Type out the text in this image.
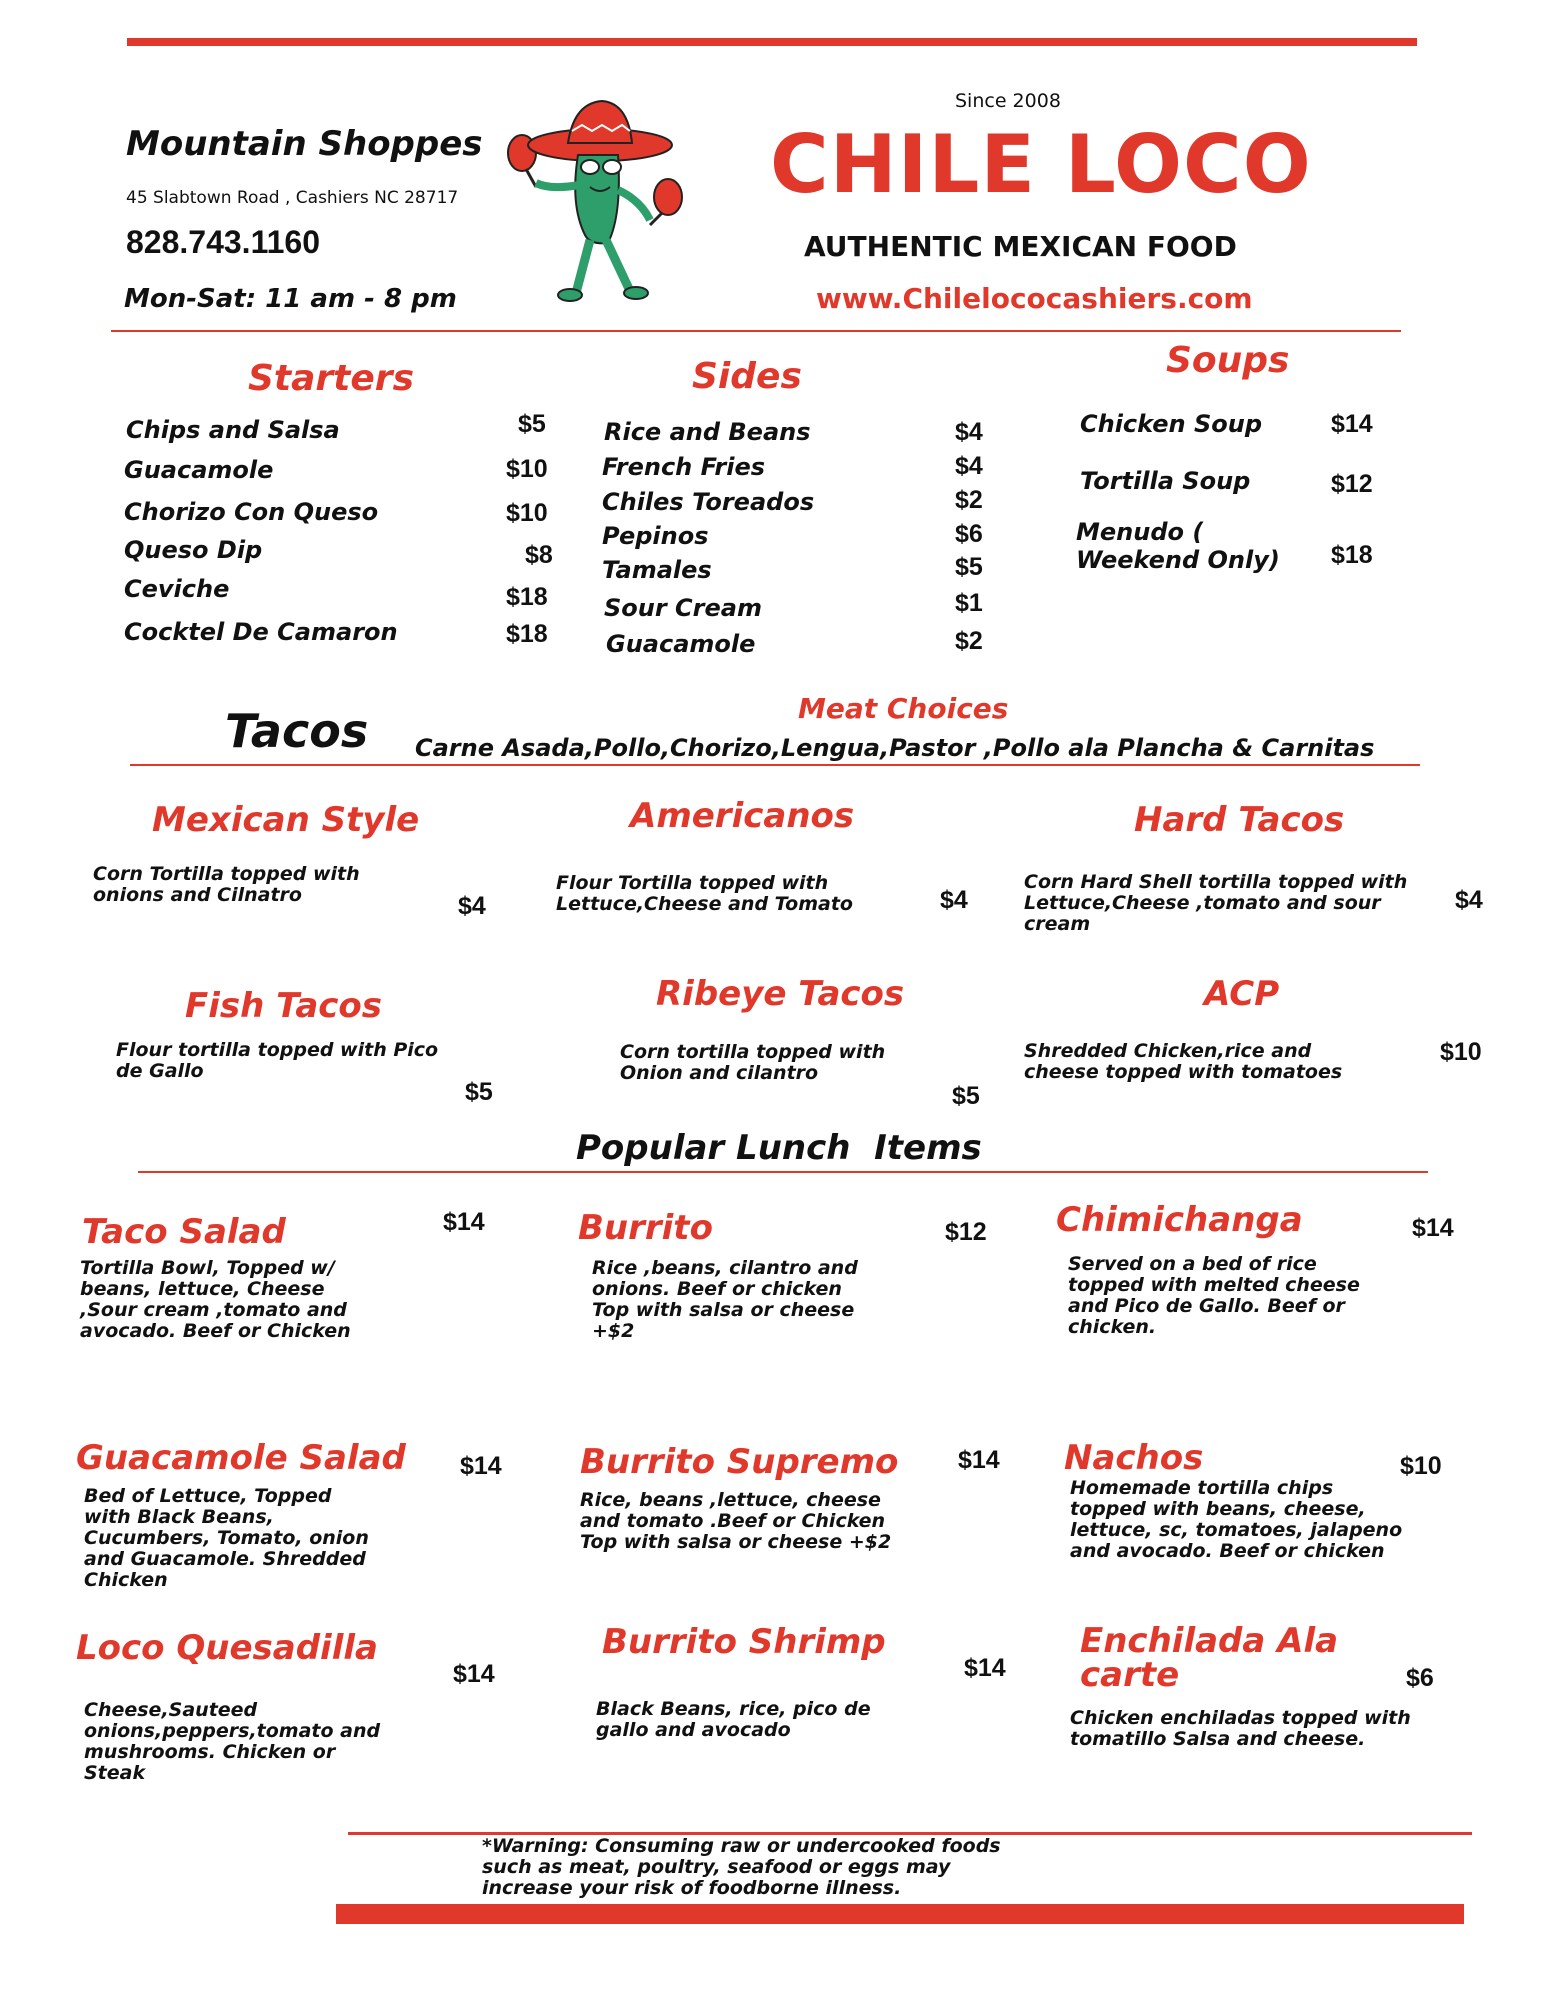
Mountain Shoppes
45 Slabtown Road , Cashiers NC 28717
828.743.1160
Mon-Sat: 11 am - 8 pm
Since 2008
CHILE LOCO
AUTHENTIC MEXICAN FOOD
www.Chilelococashiers.com
Starters
Chips and Salsa	$5
Guacamole	$10
Chorizo Con Queso	$10
Queso Dip	$8
Ceviche	$18
Cocktel De Camaron	$18
Sides
Rice and Beans	$4
French Fries	$4
Chiles Toreados	$2
Pepinos	$6
Tamales	$5
Sour Cream	$1
Guacamole	$2
Soups
Chicken Soup	$14
Tortilla Soup	$12
Menudo ( Weekend Only)	$18
Tacos	Meat Choices
Carne Asada,Pollo,Chorizo,Lengua,Pastor ,Pollo ala Plancha & Carnitas
Mexican Style
Corn Tortilla topped with onions and Cilnatro	$4
Americanos
Flour Tortilla topped with Lettuce,Cheese and Tomato	$4
Hard Tacos
Corn Hard Shell tortilla topped with Lettuce,Cheese ,tomato and sour cream
$4
Fish Tacos
Flour tortilla topped with Pico de Gallo
$5
Ribeye Tacos
Corn tortilla topped with Onion and cilantro
$5
ACP
Shredded Chicken,rice and cheese topped with tomatoes
$10
Popular Lunch  Items
Taco Salad
Tortilla Bowl, Topped w/ beans, lettuce, Cheese ,Sour cream ,tomato and avocado. Beef or Chicken
$14	Burrito
Rice ,beans, cilantro and onions. Beef or chicken Top with salsa or cheese +$2
$12 Chimichanga
Served on a bed of rice topped with melted cheese and Pico de Gallo. Beef or chicken.
$14
Guacamole Salad
Bed of Lettuce, Topped with Black Beans, Cucumbers, Tomato, onion and Guacamole. Shredded Chicken
$14 Burrito Supremo
Rice, beans ,lettuce, cheese and tomato .Beef or Chicken Top with salsa or cheese +$2
$14 Nachos
Homemade tortilla chips topped with beans, cheese, lettuce, sc, tomatoes, jalapeno and avocado. Beef or chicken
$10
Loco Quesadilla
Cheese,Sauteed onions,peppers,tomato and mushrooms. Chicken or Steak
$14
Burrito Shrimp
Black Beans, rice, pico de gallo and avocado
$14
Enchilada Ala carte
Chicken enchiladas topped with tomatillo Salsa and cheese.
$6
*Warning: Consuming raw or undercooked foods such as meat, poultry, seafood or eggs may increase your risk of foodborne illness.
